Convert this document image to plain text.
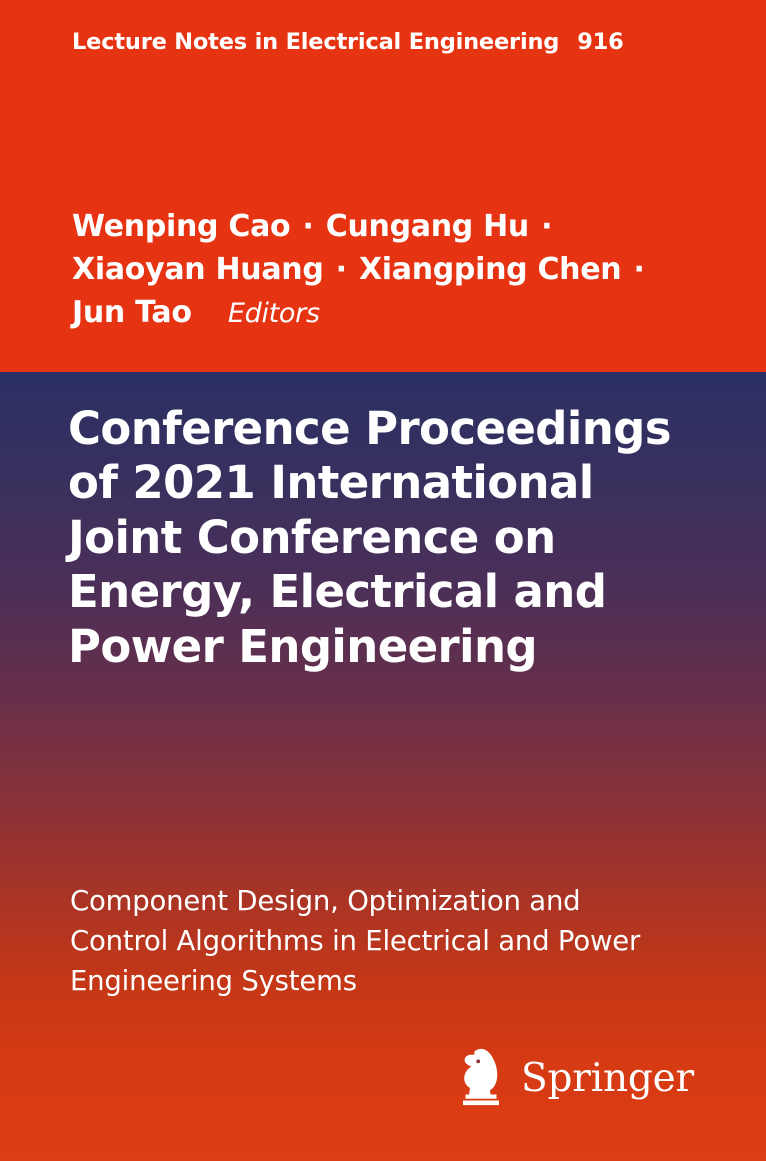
Lecture Notes in Electrical Engineering 916
Wenping Cao · Cungang Hu ·
Xiaoyan Huang · Xiangping Chen ·
Jun Tao Editors
Conference Proceedings of 2021 International Joint Conference on Energy, Electrical and Power Engineering
Component Design, Optimization and Control Algorithms in Electrical and Power Engineering Systems
Springer
